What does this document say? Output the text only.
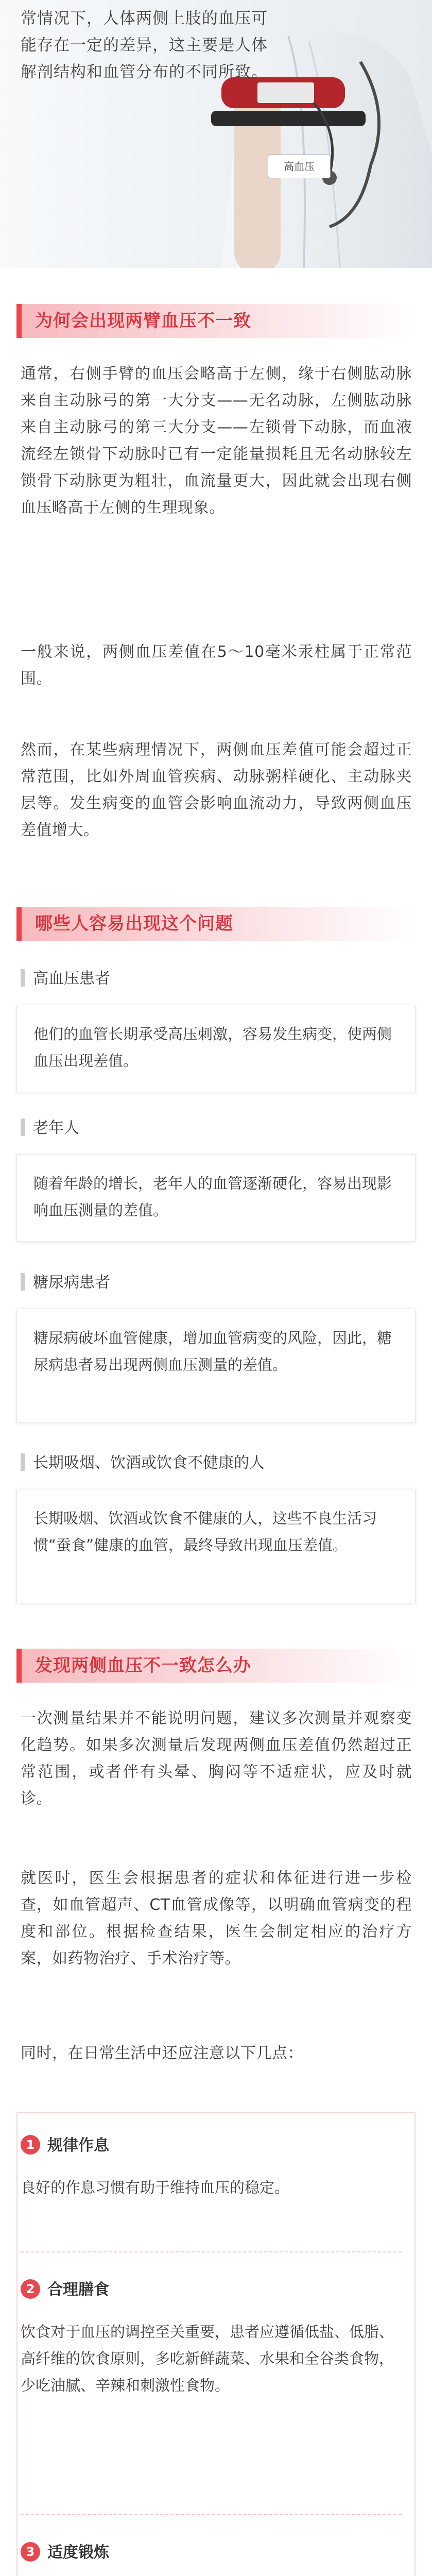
高血压

常情况下，人体两侧上肢的血压可能存在一定的差异，这主要是人体解剖结构和血管分布的不同所致。

为何会出现两臂血压不一致

通常，右侧手臂的血压会略高于左侧，缘于右侧肱动脉来自主动脉弓的第一大分支——无名动脉，左侧肱动脉来自主动脉弓的第三大分支——左锁骨下动脉，而血液流经左锁骨下动脉时已有一定能量损耗且无名动脉较左锁骨下动脉更为粗壮，血流量更大，因此就会出现右侧血压略高于左侧的生理现象。

一般来说，两侧血压差值在5～10毫米汞柱属于正常范围。

然而，在某些病理情况下，两侧血压差值可能会超过正常范围，比如外周血管疾病、动脉粥样硬化、主动脉夹层等。发生病变的血管会影响血流动力，导致两侧血压差值增大。

哪些人容易出现这个问题
高血压患者

他们的血管长期承受高压刺激，容易发生病变，使两侧血压出现差值。

老年人

随着年龄的增长，老年人的血管逐渐硬化，容易出现影响血压测量的差值。

糖尿病患者

糖尿病破坏血管健康，增加血管病变的风险，因此，糖尿病患者易出现两侧血压测量的差值。

长期吸烟、饮酒或饮食不健康的人

长期吸烟、饮酒或饮食不健康的人，这些不良生活习惯“蚕食”健康的血管，最终导致出现血压差值。

发现两侧血压不一致怎么办

一次测量结果并不能说明问题，建议多次测量并观察变化趋势。如果多次测量后发现两侧血压差值仍然超过正常范围，或者伴有头晕、胸闷等不适症状，应及时就诊。

就医时，医生会根据患者的症状和体征进行进一步检查，如血管超声、CT血管成像等，以明确血管病变的程度和部位。根据检查结果，医生会制定相应的治疗方案，如药物治疗、手术治疗等。

同时，在日常生活中还应注意以下几点：

1 规律作息

良好的作息习惯有助于维持血压的稳定。

2 合理膳食

饮食对于血压的调控至关重要，患者应遵循低盐、低脂、高纤维的饮食原则，多吃新鲜蔬菜、水果和全谷类食物，少吃油腻、辛辣和刺激性食物。

3 适度锻炼
